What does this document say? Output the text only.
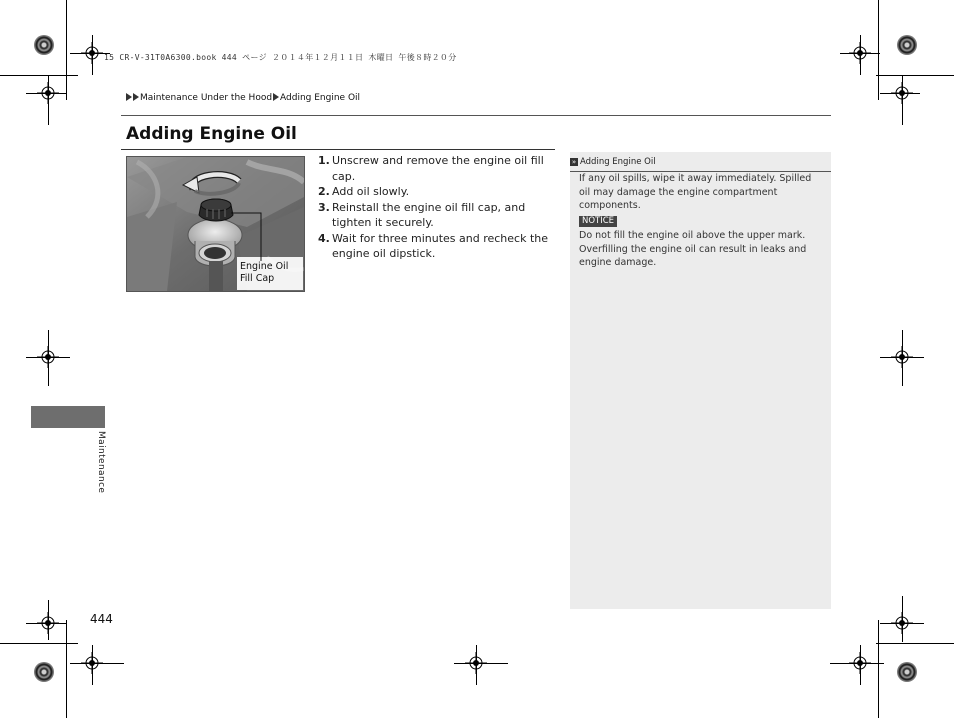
15 CR-V-31T0A6300.book 444 ページ ２０１４年１２月１１日 木曜日 午後８時２０分
Maintenance Under the Hood Adding Engine Oil
Adding Engine Oil
Engine Oil
Fill Cap
1. Unscrew and remove the engine oil fill cap.
2. Add oil slowly.
3. Reinstall the engine oil fill cap, and tighten it securely.
4. Wait for three minutes and recheck the engine oil dipstick.
» Adding Engine Oil
If any oil spills, wipe it away immediately. Spilled oil may damage the engine compartment components.
NOTICE
Do not fill the engine oil above the upper mark. Overfilling the engine oil can result in leaks and engine damage.
Maintenance
444
